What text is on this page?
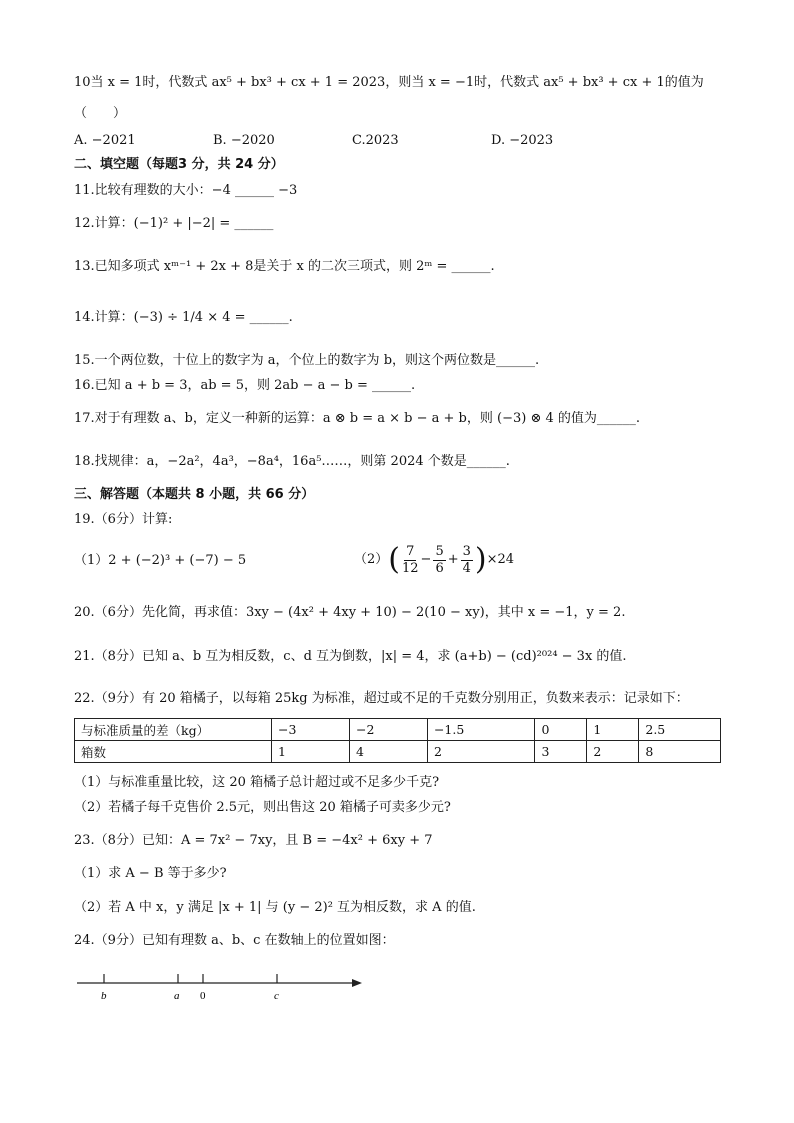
10当 x = 1时，代数式 ax⁵ + bx³ + cx + 1 = 2023，则当 x = −1时，代数式 ax⁵ + bx³ + cx + 1的值为
（　　）
A. −2021	B. −2020	C.2023	D. −2023
二、填空题（每题3 分，共 24 分）
11.比较有理数的大小：−4 ______ −3
12.计算：(−1)² + |−2| = ______
13.已知多项式 xᵐ⁻¹ + 2x + 8是关于 x 的二次三项式，则 2ᵐ = ______.
14.计算：(−3) ÷ 1/4 × 4 = ______.
15.一个两位数，十位上的数字为 a，个位上的数字为 b，则这个两位数是______.
16.已知 a + b = 3，ab = 5，则 2ab − a − b = ______.
17.对于有理数 a、b，定义一种新的运算：a ⊗ b = a × b − a + b，则 (−3) ⊗ 4 的值为______.
18.找规律：a，−2a²，4a³，−8a⁴，16a⁵……，则第 2024 个数是______.
三、解答题（本题共 8 小题，共 66 分）
19.（6分）计算:
（1）2 + (−2)³ + (−7) − 5	（2） ( 7
12
− $\frac{5}{6} + \frac{3}{4}$ ) ×24
20.（6分）先化简，再求值：3xy − (4x² + 4xy + 10) − 2(10 − xy)，其中 x = −1，y = 2.
21.（8分）已知 a、b 互为相反数，c、d 互为倒数，|x| = 4，求 (a+b) − (cd)²⁰²⁴ − 3x 的值.
22.（9分）有 20 箱橘子，以每箱 25kg 为标准，超过或不足的千克数分别用正，负数来表示：记录如下：
与标准质量的差（kg）	−3	−2	−1.5	0	1	2.5
箱数	1	4	2	3	2	8
（1）与标准重量比较，这 20 箱橘子总计超过或不足多少千克?
（2）若橘子每千克售价 2.5元，则出售这 20 箱橘子可卖多少元?
23.（8分）已知：A = 7x² − 7xy，且 B = −4x² + 6xy + 7
（1）求 A − B 等于多少?
（2）若 A 中 x，y 满足 |x + 1| 与 (y − 2)² 互为相反数，求 A 的值.
24.（9分）已知有理数 a、b、c 在数轴上的位置如图：
b	a 0	c
